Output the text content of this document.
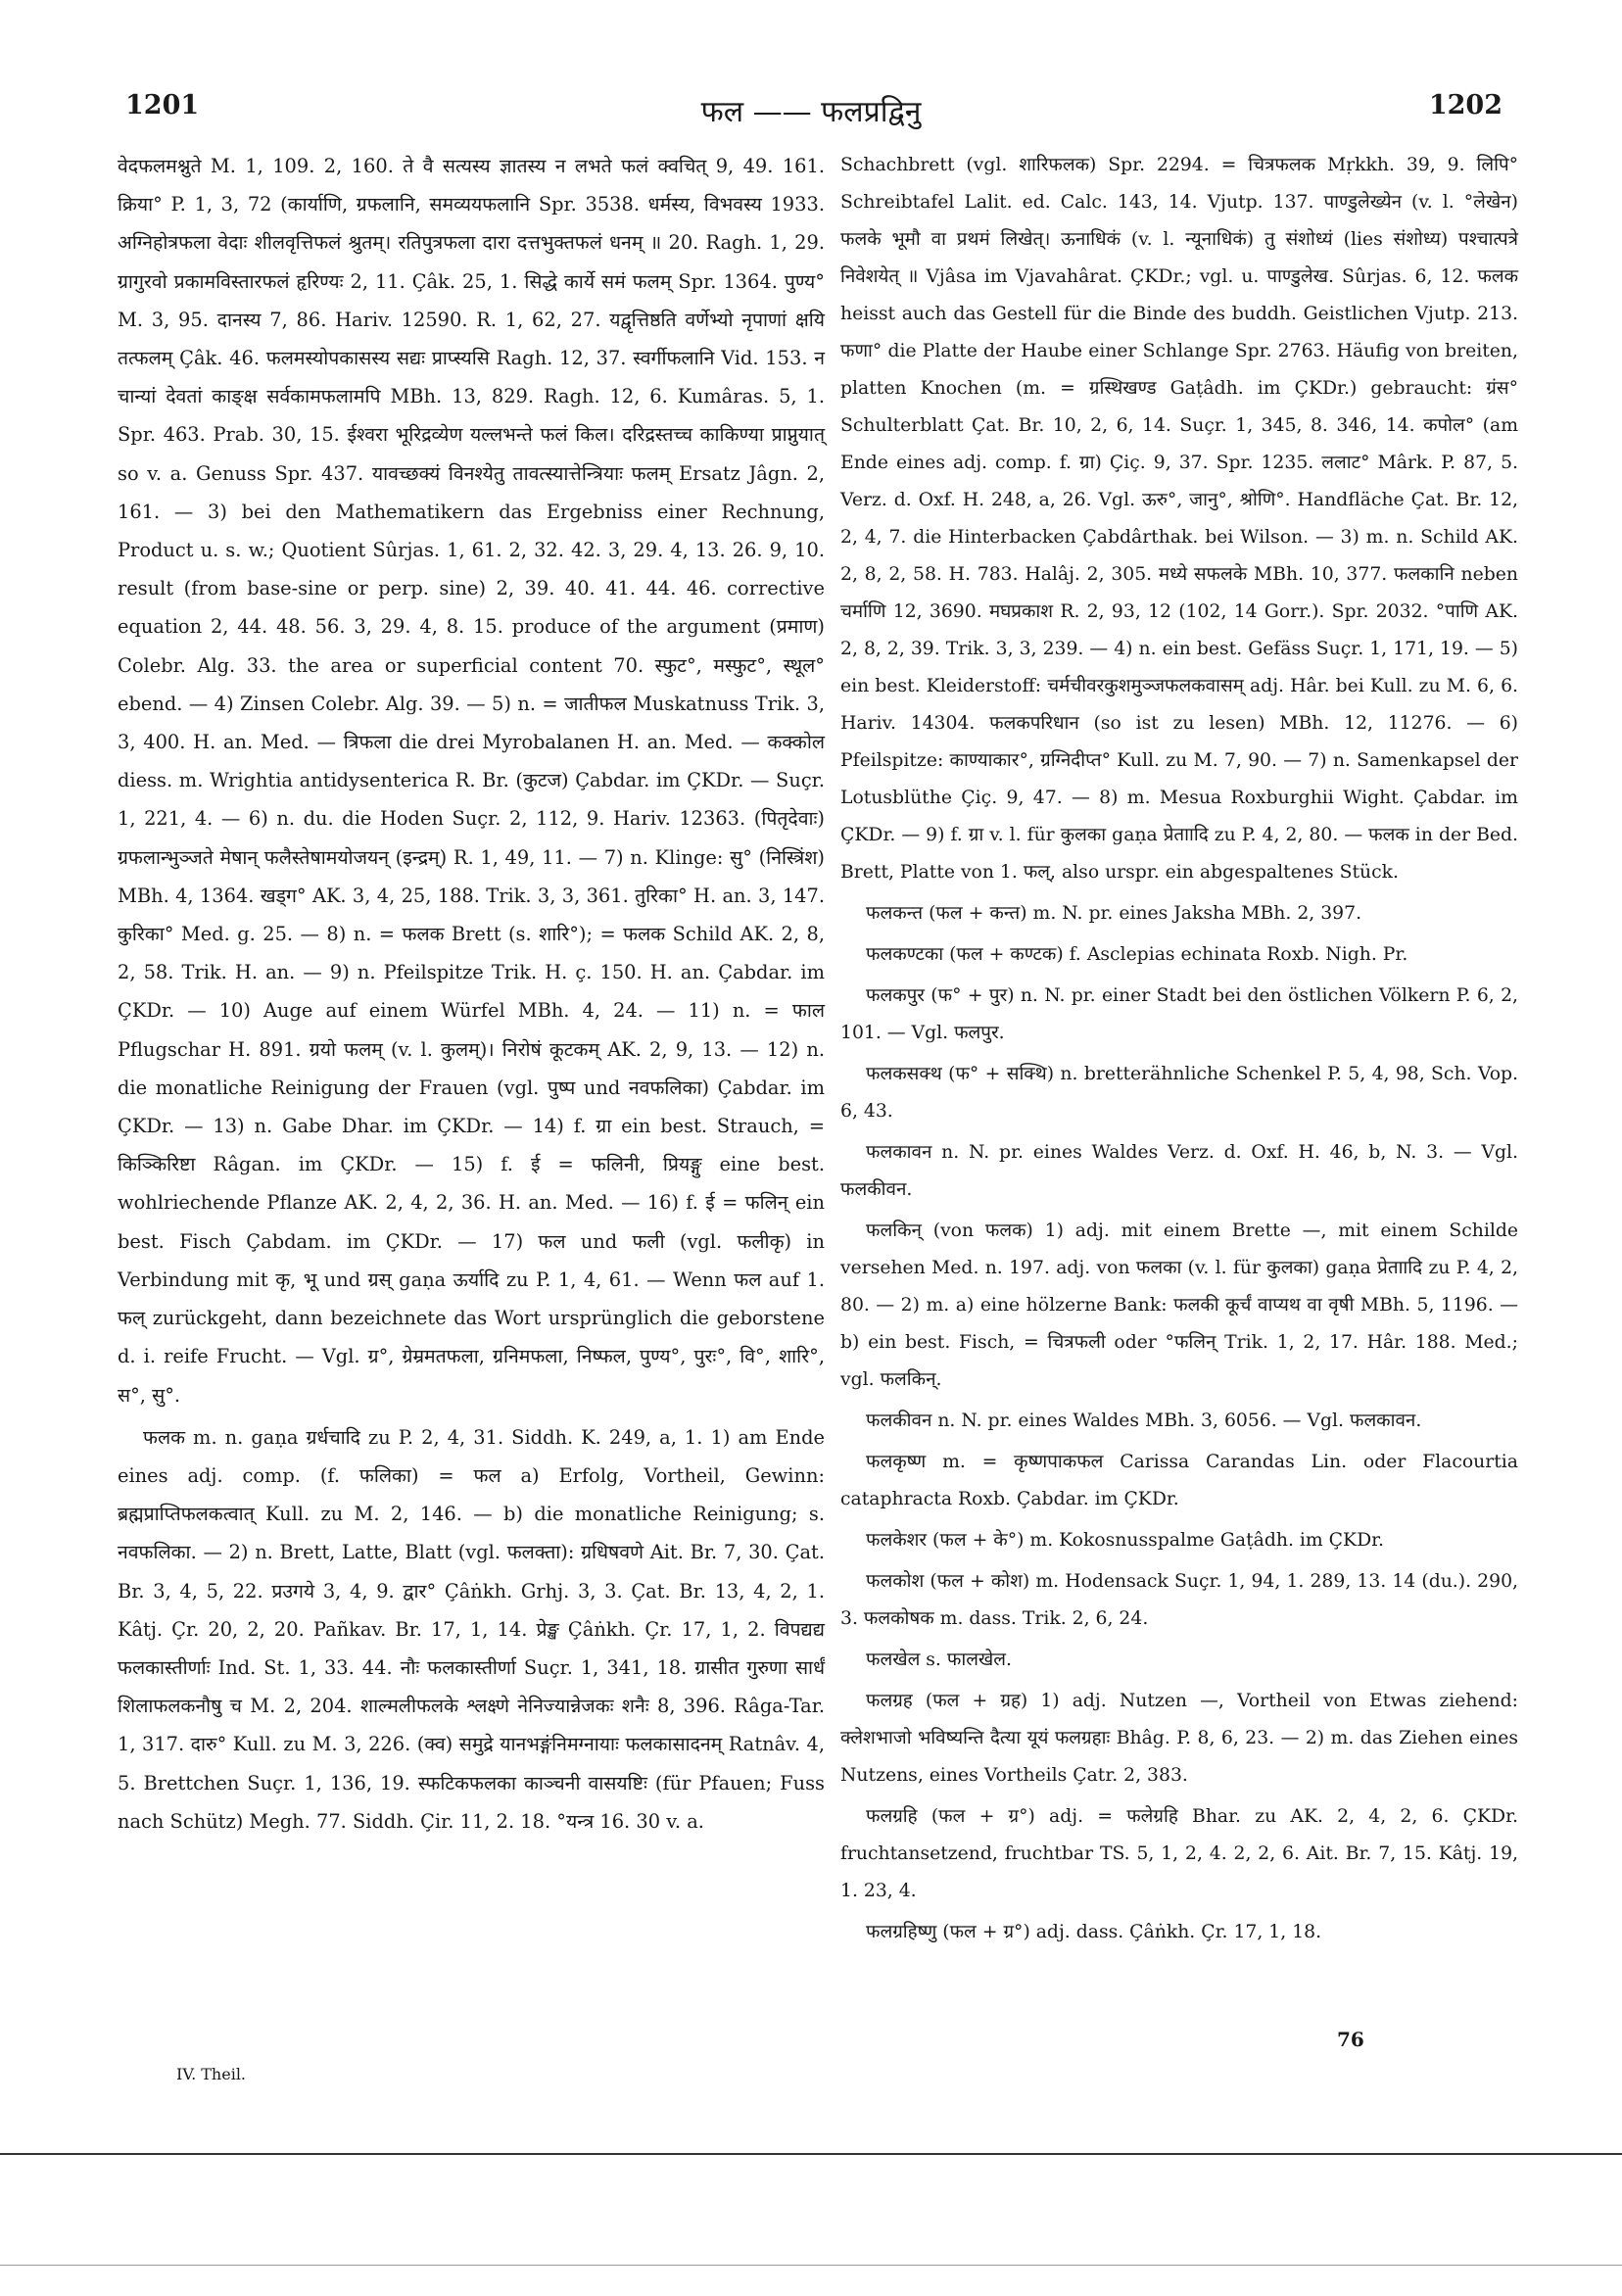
1201	फल —— फलप्रद्विनु	1202

वेदफलमश्नुते M. 1, 109. 2, 160. ते वै सत्यस्य ज्ञातस्य न लभते फलं क्वचित् 9, 49. 161. क्रिया° P. 1, 3, 72 (कार्याणि, ग्रफलानि, समव्ययफलानि Spr. 3538. धर्मस्य, विभवस्य 1933. अग्निहोत्रफला वेदाः शीलवृत्तिफलं श्रुतम्। रतिपुत्रफला दारा दत्तभुक्तफलं धनम् ॥ 20. Ragh. 1, 29. ग्रागुरवो प्रकामविस्तारफलं हृरिण्यः 2, 11. Çâk. 25, 1. सिद्धे कार्ये समं फलम् Spr. 1364. पुण्य° M. 3, 95. दानस्य 7, 86. Hariv. 12590. R. 1, 62, 27. यद्वृत्तिष्ठति वर्णेभ्यो नृपाणां क्षयि तत्फलम् Çâk. 46. फलमस्योपकासस्य सद्यः प्राप्स्यसि Ragh. 12, 37. स्वर्गीफलानि Vid. 153. न चान्यां देवतां काङ्क्ष सर्वकामफलामपि MBh. 13, 829. Ragh. 12, 6. Kumâras. 5, 1. Spr. 463. Prab. 30, 15. ईश्वरा भूरिद्रव्येण यल्लभन्ते फलं किल। दरिद्रस्तच्च काकिण्या प्राप्नुयात् so v. a. Genuss Spr. 437. यावच्छक्यं विनश्येतु तावत्स्यात्तेन्त्रियाः फलम् Ersatz Jâgn. 2, 161. — 3) bei den Mathematikern das Ergebniss einer Rechnung, Product u. s. w.; Quotient Sûrjas. 1, 61. 2, 32. 42. 3, 29. 4, 13. 26. 9, 10. result (from base-sine or perp. sine) 2, 39. 40. 41. 44. 46. corrective equation 2, 44. 48. 56. 3, 29. 4, 8. 15. produce of the argument (प्रमाण) Colebr. Alg. 33. the area or superficial content 70. स्फुट°, मस्फुट°, स्थूल° ebend. — 4) Zinsen Colebr. Alg. 39. — 5) n. = जातीफल Muskatnuss Trik. 3, 3, 400. H. an. Med. — त्रिफला die drei Myrobalanen H. an. Med. — कक्कोल diess. m. Wrightia antidysenterica R. Br. (कुटज) Çabdar. im ÇKDr. — Suçr. 1, 221, 4. — 6) n. du. die Hoden Suçr. 2, 112, 9. Hariv. 12363. (पितृदेवाः) ग्रफलान्भुञ्जते मेषान् फलैस्तेषामयोजयन् (इन्द्रम्) R. 1, 49, 11. — 7) n. Klinge: सु° (निस्त्रिंश) MBh. 4, 1364. खड्ग° AK. 3, 4, 25, 188. Trik. 3, 3, 361. तुरिका° H. an. 3, 147. कुरिका° Med. g. 25. — 8) n. = फलक Brett (s. शारि°); = फलक Schild AK. 2, 8, 2, 58. Trik. H. an. — 9) n. Pfeilspitze Trik. H. ç. 150. H. an. Çabdar. im ÇKDr. — 10) Auge auf einem Würfel MBh. 4, 24. — 11) n. = फाल Pflugschar H. 891. ग्रयो फलम् (v. l. कुलम्)। निरोषं कूटकम् AK. 2, 9, 13. — 12) n. die monatliche Reinigung der Frauen (vgl. पुष्प und नवफलिका) Çabdar. im ÇKDr. — 13) n. Gabe Dhar. im ÇKDr. — 14) f. ग्रा ein best. Strauch, = किञ्किरिष्टा Râgan. im ÇKDr. — 15) f. ई = फलिनी, प्रियङ्गु eine best. wohlriechende Pflanze AK. 2, 4, 2, 36. H. an. Med. — 16) f. ई = फलिन् ein best. Fisch Çabdam. im ÇKDr. — 17) फल und फली (vgl. फलीकृ) in Verbindung mit कृ, भू und ग्रस् gaṇa ऊर्यादि zu P. 1, 4, 61. — Wenn फल auf 1. फल् zurückgeht, dann bezeichnete das Wort ursprünglich die geborstene d. i. reife Frucht. — Vgl. ग्र°, ग्रेम्रमतफला, ग्रनिमफला, निष्फल, पुण्य°, पुरः°, वि°, शारि°, स°, सु°.

फलक m. n. gaṇa ग्रर्धचादि zu P. 2, 4, 31. Siddh. K. 249, a, 1. 1) am Ende eines adj. comp. (f. फलिका) = फल a) Erfolg, Vortheil, Gewinn: ब्रह्मप्राप्तिफलकत्वात् Kull. zu M. 2, 146. — b) die monatliche Reinigung; s. नवफलिका. — 2) n. Brett, Latte, Blatt (vgl. फलक्ता): ग्रधिषवणे Ait. Br. 7, 30. Çat. Br. 3, 4, 5, 22. प्रउगये 3, 4, 9. द्वार° Çâṅkh. Grhj. 3, 3. Çat. Br. 13, 4, 2, 1. Kâtj. Çr. 20, 2, 20. Pañkav. Br. 17, 1, 14. प्रेङ्ख Çâṅkh. Çr. 17, 1, 2. विपद्यद्य फलकास्तीर्णाः Ind. St. 1, 33. 44. नौः फलकास्तीर्णा Suçr. 1, 341, 18. ग्रासीत गुरुणा सार्धं शिलाफलकनौषु च M. 2, 204. शाल्मलीफलके श्लक्ष्णे नेनिज्यान्नेजकः शनैः 8, 396. Râga-Tar. 1, 317. दारु° Kull. zu M. 3, 226. (क्व) समुद्रे यानभङ्गंनिमग्नायाः फलकासादनम् Ratnâv. 4, 5. Brettchen Suçr. 1, 136, 19. स्फटिकफलका काञ्चनी वासयष्टिः (für Pfauen; Fuss nach Schütz) Megh. 77. Siddh. Çir. 11, 2. 18. °यन्त्र 16. 30 v. a.

Schachbrett (vgl. शारिफलक) Spr. 2294. = चित्रफलक Mṛkkh. 39, 9. लिपि° Schreibtafel Lalit. ed. Calc. 143, 14. Vjutp. 137. पाण्डुलेख्येन (v. l. °लेखेन) फलके भूमौ वा प्रथमं लिखेत्। ऊनाधिकं (v. l. न्यूनाधिकं) तु संशोध्यं (lies संशोध्य) पश्चात्पत्रे निवेशयेत् ॥ Vjâsa im Vjavahârat. ÇKDr.; vgl. u. पाण्डुलेख. Sûrjas. 6, 12. फलक heisst auch das Gestell für die Binde des buddh. Geistlichen Vjutp. 213. फणा° die Platte der Haube einer Schlange Spr. 2763. Häufig von breiten, platten Knochen (m. = ग्रस्थिखण्ड Gaṭâdh. im ÇKDr.) gebraucht: ग्रंस° Schulterblatt Çat. Br. 10, 2, 6, 14. Suçr. 1, 345, 8. 346, 14. कपोल° (am Ende eines adj. comp. f. ग्रा) Çiç. 9, 37. Spr. 1235. ललाट° Mârk. P. 87, 5. Verz. d. Oxf. H. 248, a, 26. Vgl. ऊरु°, जानु°, श्रोणि°. Handfläche Çat. Br. 12, 2, 4, 7. die Hinterbacken Çabdârthak. bei Wilson. — 3) m. n. Schild AK. 2, 8, 2, 58. H. 783. Halâj. 2, 305. मध्ये सफलके MBh. 10, 377. फलकानि neben चर्माणि 12, 3690. मघप्रकाश R. 2, 93, 12 (102, 14 Gorr.). Spr. 2032. °पाणि AK. 2, 8, 2, 39. Trik. 3, 3, 239. — 4) n. ein best. Gefäss Suçr. 1, 171, 19. — 5) ein best. Kleiderstoff: चर्मचीवरकुशमुञ्जफलकवासम् adj. Hâr. bei Kull. zu M. 6, 6. Hariv. 14304. फलकपरिधान (so ist zu lesen) MBh. 12, 11276. — 6) Pfeilspitze: काण्याकार°, ग्रग्निदीप्त° Kull. zu M. 7, 90. — 7) n. Samenkapsel der Lotusblüthe Çiç. 9, 47. — 8) m. Mesua Roxburghii Wight. Çabdar. im ÇKDr. — 9) f. ग्रा v. l. für कुलका gaṇa प्रेताादि zu P. 4, 2, 80. — फलक in der Bed. Brett, Platte von 1. फल्, also urspr. ein abgespaltenes Stück.

फलकन्त (फल + कन्त) m. N. pr. eines Jaksha MBh. 2, 397.

फलकण्टका (फल + कण्टक) f. Asclepias echinata Roxb. Nigh. Pr.

फलकपुर (फ° + पुर) n. N. pr. einer Stadt bei den östlichen Völkern P. 6, 2, 101. — Vgl. फलपुर.

फलकसक्थ (फ° + सक्थि) n. bretterähnliche Schenkel P. 5, 4, 98, Sch. Vop. 6, 43.

फलकावन n. N. pr. eines Waldes Verz. d. Oxf. H. 46, b, N. 3. — Vgl. फलकीवन.

फलकिन् (von फलक) 1) adj. mit einem Brette —, mit einem Schilde versehen Med. n. 197. adj. von फलका (v. l. für कुलका) gaṇa प्रेताादि zu P. 4, 2, 80. — 2) m. a) eine hölzerne Bank: फलकी कूर्चं वाप्यथ वा वृषी MBh. 5, 1196. — b) ein best. Fisch, = चित्रफली oder °फलिन् Trik. 1, 2, 17. Hâr. 188. Med.; vgl. फलकिन्.

फलकीवन n. N. pr. eines Waldes MBh. 3, 6056. — Vgl. फलकावन.

फलकृष्ण m. = कृष्णपाकफल Carissa Carandas Lin. oder Flacourtia cataphracta Roxb. Çabdar. im ÇKDr.

फलकेशर (फल + के°) m. Kokosnusspalme Gaṭâdh. im ÇKDr.

फलकोश (फल + कोश) m. Hodensack Suçr. 1, 94, 1. 289, 13. 14 (du.). 290, 3. फलकोषक m. dass. Trik. 2, 6, 24.

फलखेल s. फालखेल.

फलग्रह (फल + ग्रह) 1) adj. Nutzen —, Vortheil von Etwas ziehend: क्लेशभाजो भविष्यन्ति दैत्या यूयं फलग्रहाः Bhâg. P. 8, 6, 23. — 2) m. das Ziehen eines Nutzens, eines Vortheils Çatr. 2, 383.

फलग्रहि (फल + ग्र°) adj. = फलेग्रहि Bhar. zu AK. 2, 4, 2, 6. ÇKDr. fruchtansetzend, fruchtbar TS. 5, 1, 2, 4. 2, 2, 6. Ait. Br. 7, 15. Kâtj. 19, 1. 23, 4.

फलग्रहिष्णु (फल + ग्र°) adj. dass. Çâṅkh. Çr. 17, 1, 18.

IV. Theil.
76
